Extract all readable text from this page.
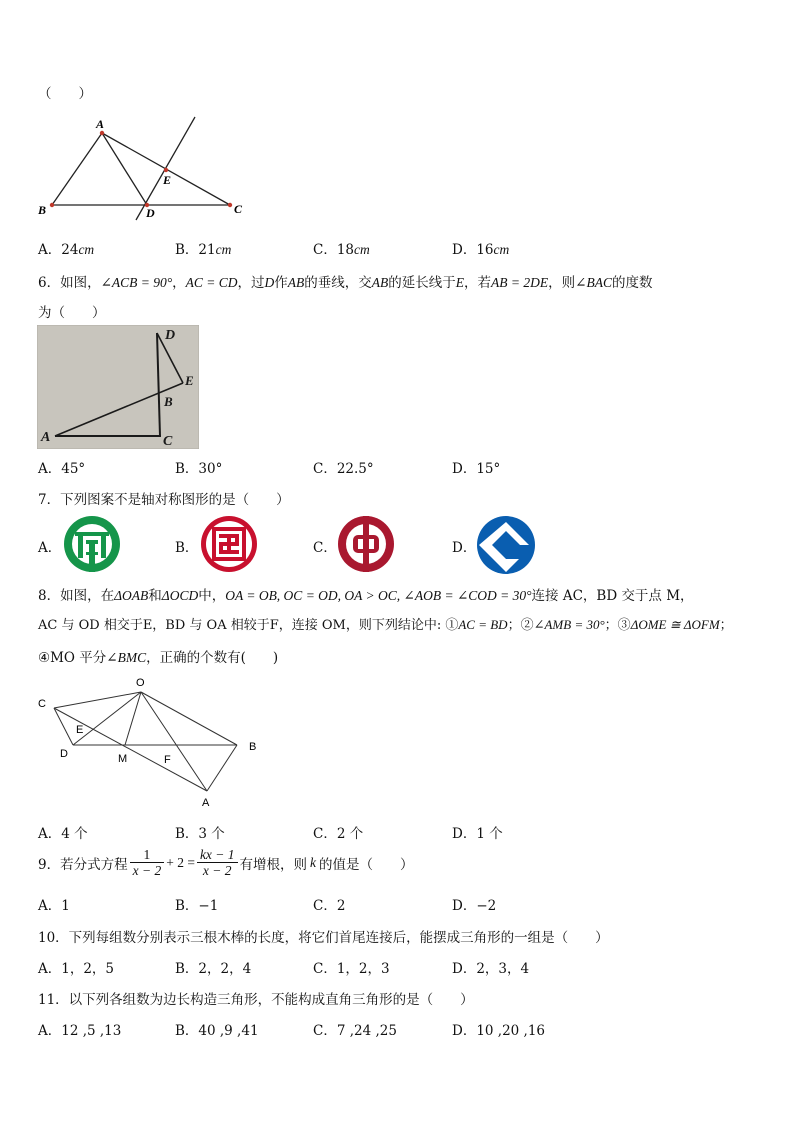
（　　）
A
B	C
D
E
A．24cm	B．21cm	C．18cm	D．16cm
6．如图，∠ACB = 90°，AC = CD，过D作AB的垂线，交AB的延长线于E，若AB = 2DE，则∠BAC的度数
为（　　）
D
E
B
A	C
A．45°	B．30°	C．22.5°	D．15°
7．下列图案不是轴对称图形的是（　　）
A．	B．	C．	D．
8．如图，在ΔOAB和ΔOCD中，OA = OB, OC = OD, OA > OC, ∠AOB = ∠COD = 30°连接 AC，BD 交于点 M，
AC 与 OD 相交于E，BD 与 OA 相较于F，连接 OM，则下列结论中: ①AC = BD；②∠AMB = 30°；③ΔOME ≅ ΔOFM；
④MO 平分∠BMC，正确的个数有(　　)
O
C
E
D	M	F
B
A
A．4 个	B．3 个	C．2 个	D．1 个
9．若分式方程 $\frac{1}{x - 2} + 2 = \frac{kx - 1}{x - 2}$ 有增根，则 k 的值是（　　）
A．1	B．−1	C．2	D．−2
10．下列每组数分别表示三根木棒的长度，将它们首尾连接后，能摆成三角形的一组是（　　）
A．1，2，5	B．2，2，4	C．1，2，3	D．2，3，4
11．以下列各组数为边长构造三角形，不能构成直角三角形的是（　　）
A．12 ,5 ,13	B．40 ,9 ,41	C．7 ,24 ,25	D．10 ,20 ,16
